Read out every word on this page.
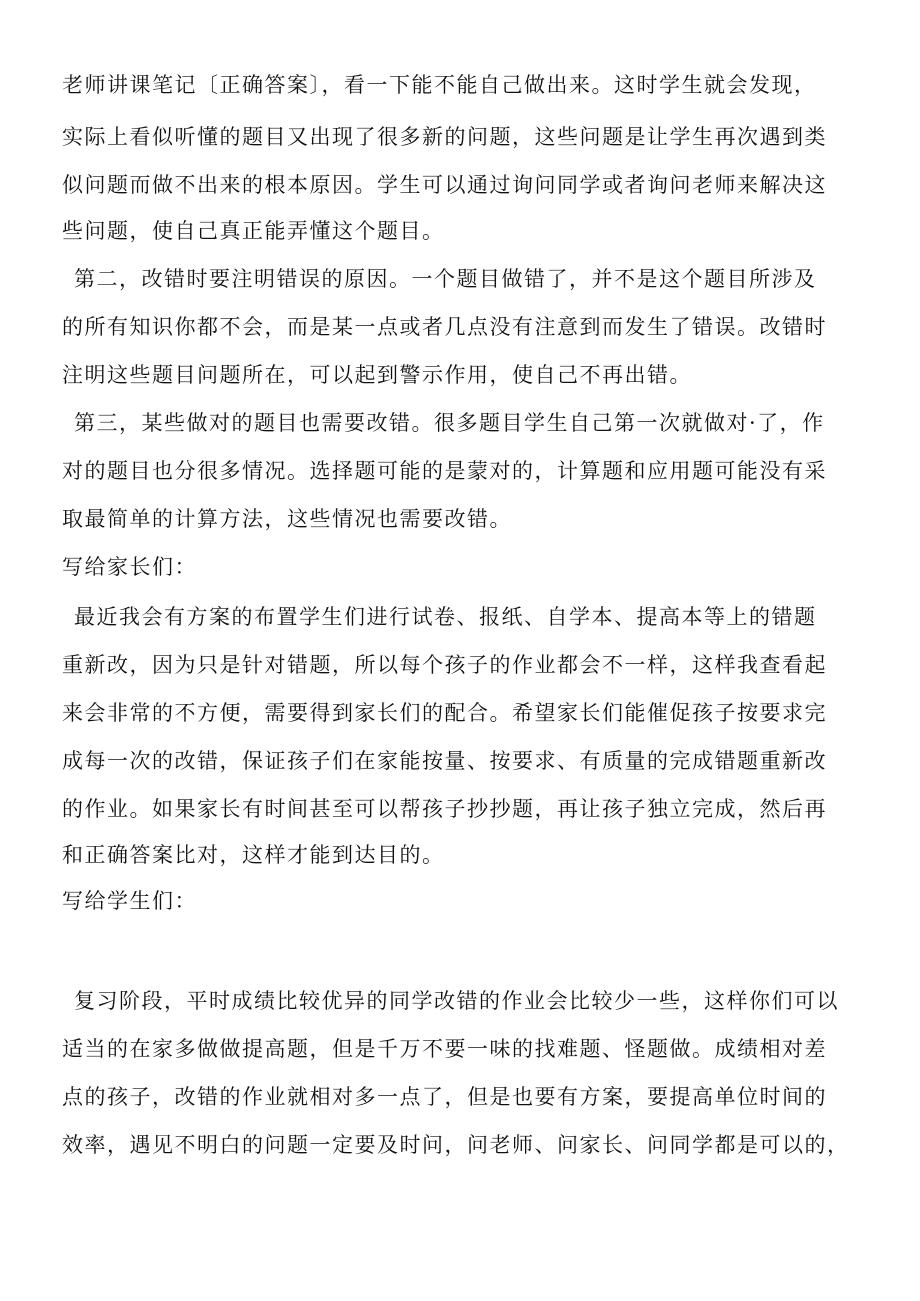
老师讲课笔记〔正确答案〕，看一下能不能自己做出来。这时学生就会发现，
实际上看似听懂的题目又出现了很多新的问题，这些问题是让学生再次遇到类
似问题而做不出来的根本原因。学生可以通过询问同学或者询问老师来解决这
些问题，使自己真正能弄懂这个题目。
第二，改错时要注明错误的原因。一个题目做错了，并不是这个题目所涉及
的所有知识你都不会，而是某一点或者几点没有注意到而发生了错误。改错时
注明这些题目问题所在，可以起到警示作用，使自己不再出错。
第三，某些做对的题目也需要改错。很多题目学生自己第一次就做对·了，作
对的题目也分很多情况。选择题可能的是蒙对的，计算题和应用题可能没有采
取最简单的计算方法，这些情况也需要改错。
写给家长们：
最近我会有方案的布置学生们进行试卷、报纸、自学本、提高本等上的错题
重新改，因为只是针对错题，所以每个孩子的作业都会不一样，这样我查看起
来会非常的不方便，需要得到家长们的配合。希望家长们能催促孩子按要求完
成每一次的改错，保证孩子们在家能按量、按要求、有质量的完成错题重新改
的作业。如果家长有时间甚至可以帮孩子抄抄题，再让孩子独立完成，然后再
和正确答案比对，这样才能到达目的。
写给学生们：
复习阶段，平时成绩比较优异的同学改错的作业会比较少一些，这样你们可以
适当的在家多做做提高题，但是千万不要一味的找难题、怪题做。成绩相对差
点的孩子，改错的作业就相对多一点了，但是也要有方案，要提高单位时间的
效率，遇见不明白的问题一定要及时问，问老师、问家长、问同学都是可以的，
